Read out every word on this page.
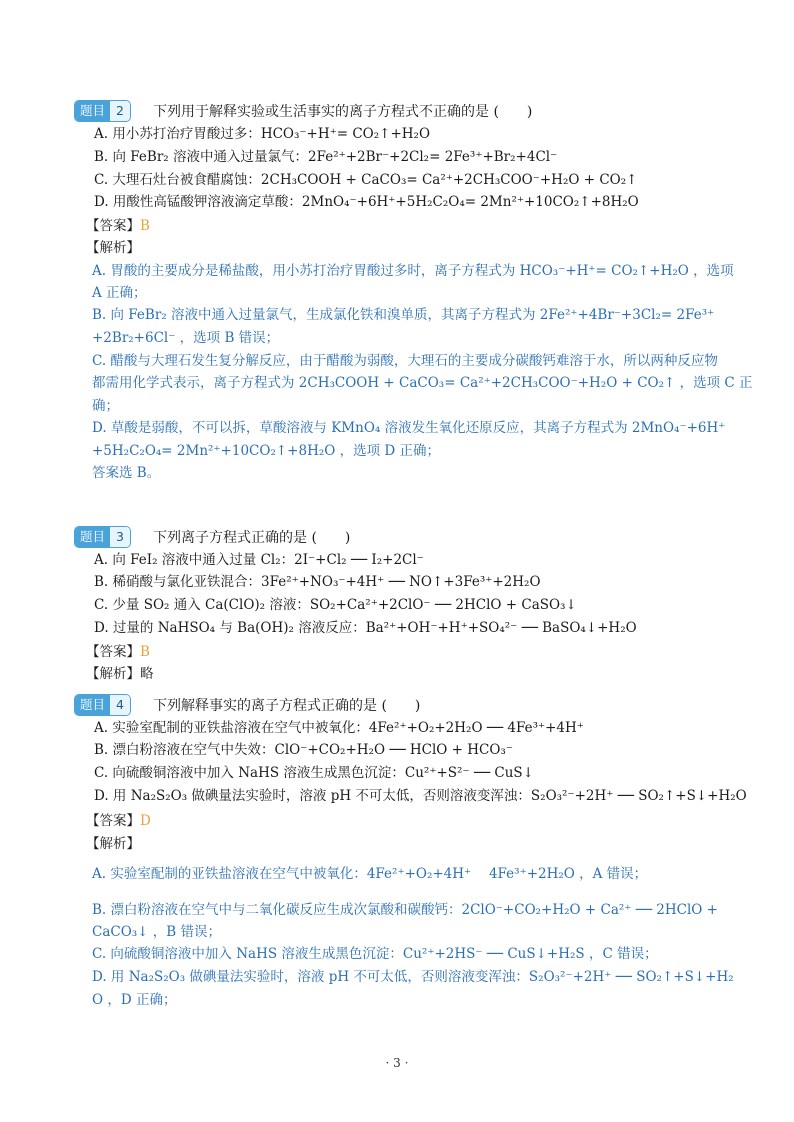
题目 2	下列用于解释实验或生活事实的离子方程式不正确的是 (　　)
A. 用小苏打治疗胃酸过多：HCO₃⁻+H⁺= CO₂↑+H₂O
B. 向 FeBr₂ 溶液中通入过量氯气：2Fe²⁺+2Br⁻+2Cl₂= 2Fe³⁺+Br₂+4Cl⁻
C. 大理石灶台被食醋腐蚀：2CH₃COOH + CaCO₃= Ca²⁺+2CH₃COO⁻+H₂O + CO₂↑
D. 用酸性高锰酸钾溶液滴定草酸：2MnO₄⁻+6H⁺+5H₂C₂O₄= 2Mn²⁺+10CO₂↑+8H₂O
【答案】B
【解析】
A. 胃酸的主要成分是稀盐酸，用小苏打治疗胃酸过多时，离子方程式为 HCO₃⁻+H⁺= CO₂↑+H₂O ，选项
A 正确；
B. 向 FeBr₂ 溶液中通入过量氯气，生成氯化铁和溴单质，其离子方程式为 2Fe²⁺+4Br⁻+3Cl₂= 2Fe³⁺
+2Br₂+6Cl⁻ ，选项 B 错误；
C. 醋酸与大理石发生复分解反应，由于醋酸为弱酸，大理石的主要成分碳酸钙难溶于水，所以两种反应物
都需用化学式表示，离子方程式为 2CH₃COOH + CaCO₃= Ca²⁺+2CH₃COO⁻+H₂O + CO₂↑ ，选项 C 正
确；
D. 草酸是弱酸，不可以拆，草酸溶液与 KMnO₄ 溶液发生氧化还原反应，其离子方程式为 2MnO₄⁻+6H⁺
+5H₂C₂O₄= 2Mn²⁺+10CO₂↑+8H₂O ，选项 D 正确；
答案选 B。
题目 3	下列离子方程式正确的是 (　　)
A. 向 FeI₂ 溶液中通入过量 Cl₂：2I⁻+Cl₂ ── I₂+2Cl⁻
B. 稀硝酸与氯化亚铁混合：3Fe²⁺+NO₃⁻+4H⁺ ── NO↑+3Fe³⁺+2H₂O
C. 少量 SO₂ 通入 Ca(ClO)₂ 溶液：SO₂+Ca²⁺+2ClO⁻ ── 2HClO + CaSO₃↓
D. 过量的 NaHSO₄ 与 Ba(OH)₂ 溶液反应：Ba²⁺+OH⁻+H⁺+SO₄²⁻ ── BaSO₄↓+H₂O
【答案】B
【解析】略
题目 4	下列解释事实的离子方程式正确的是 (　　)
A. 实验室配制的亚铁盐溶液在空气中被氧化：4Fe²⁺+O₂+2H₂O ── 4Fe³⁺+4H⁺
B. 漂白粉溶液在空气中失效：ClO⁻+CO₂+H₂O ── HClO + HCO₃⁻
C. 向硫酸铜溶液中加入 NaHS 溶液生成黑色沉淀：Cu²⁺+S²⁻ ── CuS↓
D. 用 Na₂S₂O₃ 做碘量法实验时，溶液 pH 不可太低，否则溶液变浑浊：S₂O₃²⁻+2H⁺ ── SO₂↑+S↓+H₂O
【答案】D
【解析】
A. 实验室配制的亚铁盐溶液在空气中被氧化：4Fe²⁺+O₂+4H⁺　 4Fe³⁺+2H₂O ，A 错误；
B. 漂白粉溶液在空气中与二氧化碳反应生成次氯酸和碳酸钙：2ClO⁻+CO₂+H₂O + Ca²⁺ ── 2HClO +
CaCO₃↓ ，B 错误；
C. 向硫酸铜溶液中加入 NaHS 溶液生成黑色沉淀：Cu²⁺+2HS⁻ ── CuS↓+H₂S ，C 错误；
D. 用 Na₂S₂O₃ 做碘量法实验时，溶液 pH 不可太低，否则溶液变浑浊：S₂O₃²⁻+2H⁺ ── SO₂↑+S↓+H₂
O ，D 正确；
· 3 ·
